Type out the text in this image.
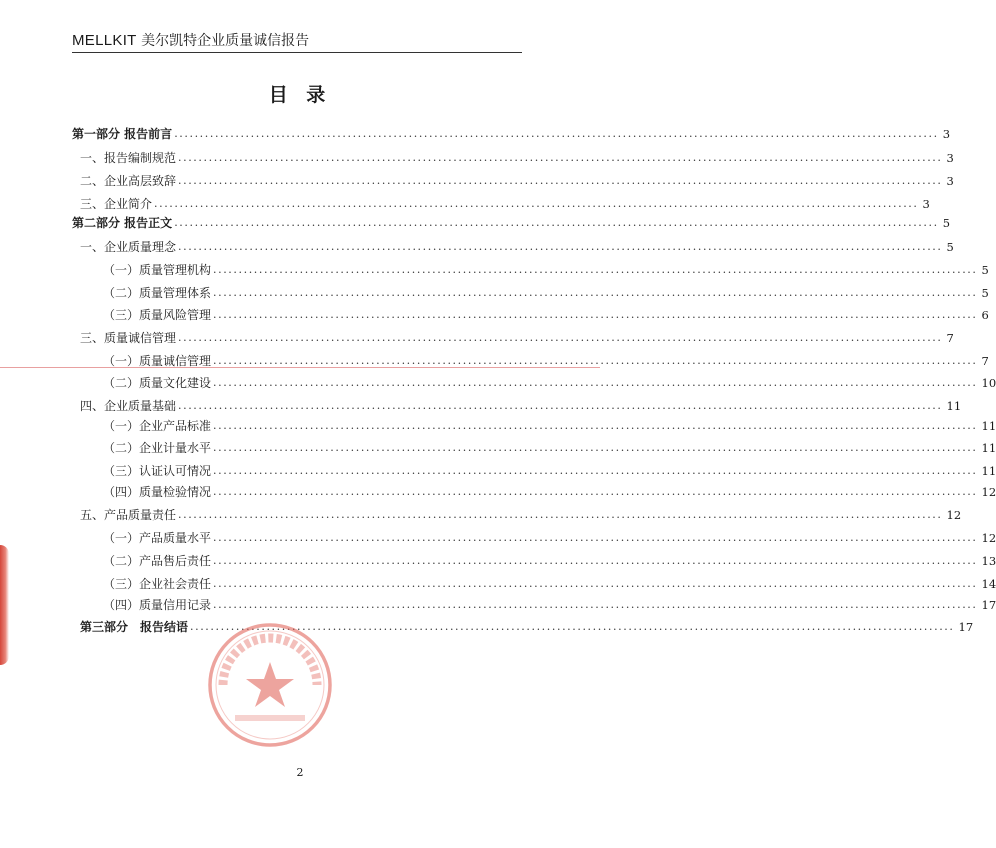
MELLKIT 美尔凯特企业质量诚信报告
目 录
第一部分 报告前言 ...................................................................................................................................................... 3
一、报告编制规范 ...................................................................................................................................................... 3
二、企业高层致辞 ...................................................................................................................................................... 3
三、企业简介 ...................................................................................................................................................... 3
第二部分 报告正文 ...................................................................................................................................................... 5
一、企业质量理念 ...................................................................................................................................................... 5
（一）质量管理机构 ...................................................................................................................................................... 5
（二）质量管理体系 ...................................................................................................................................................... 5
（三）质量风险管理 ...................................................................................................................................................... 6
三、质量诚信管理 ...................................................................................................................................................... 7
（一）质量诚信管理 ...................................................................................................................................................... 7
（二）质量文化建设 ...................................................................................................................................................... 10
四、企业质量基础 ...................................................................................................................................................... 11
（一）企业产品标准 ...................................................................................................................................................... 11
（二）企业计量水平 ...................................................................................................................................................... 11
（三）认证认可情况 ...................................................................................................................................................... 11
（四）质量检验情况 ...................................................................................................................................................... 12
五、产品质量责任 ...................................................................................................................................................... 12
（一）产品质量水平 ...................................................................................................................................................... 12
（二）产品售后责任 ...................................................................................................................................................... 13
（三）企业社会责任 ...................................................................................................................................................... 14
（四）质量信用记录 ...................................................................................................................................................... 17
第三部分　报告结语 ...................................................................................................................................................... 17
2
